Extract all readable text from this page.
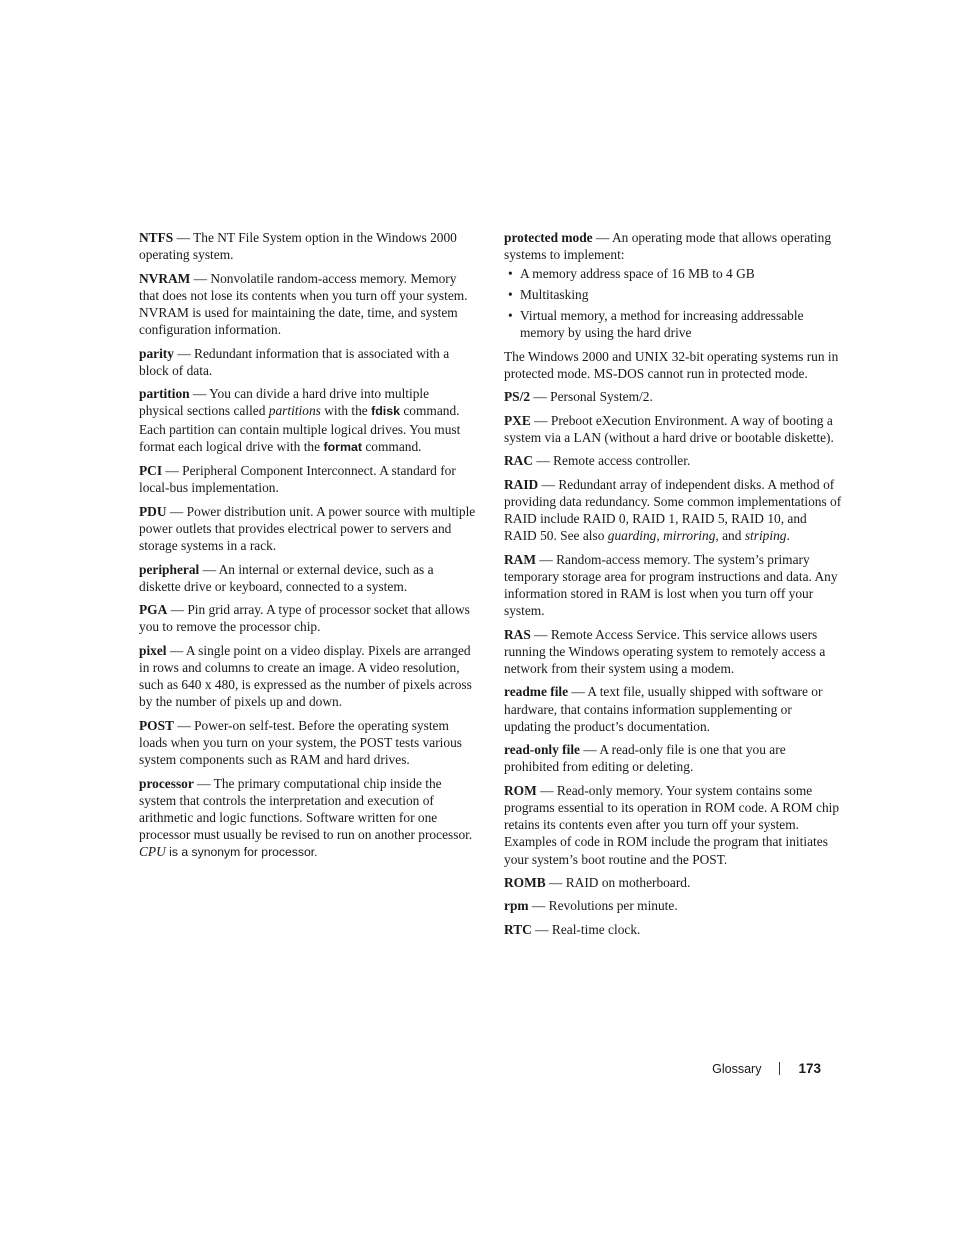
NTFS — The NT File System option in the Windows 2000 operating system.

NVRAM — Nonvolatile random-access memory. Memory that does not lose its contents when you turn off your system. NVRAM is used for maintaining the date, time, and system configuration information.

parity — Redundant information that is associated with a block of data.

partition — You can divide a hard drive into multiple physical sections called partitions with the fdisk command. Each partition can contain multiple logical drives. You must format each logical drive with the format command.

PCI — Peripheral Component Interconnect. A standard for local-bus implementation.

PDU — Power distribution unit. A power source with multiple power outlets that provides electrical power to servers and storage systems in a rack.

peripheral — An internal or external device, such as a diskette drive or keyboard, connected to a system.

PGA — Pin grid array. A type of processor socket that allows you to remove the processor chip.

pixel — A single point on a video display. Pixels are arranged in rows and columns to create an image. A video resolution, such as 640 x 480, is expressed as the number of pixels across by the number of pixels up and down.

POST — Power-on self-test. Before the operating system loads when you turn on your system, the POST tests various system components such as RAM and hard drives.

processor — The primary computational chip inside the system that controls the interpretation and execution of arithmetic and logic functions. Software written for one processor must usually be revised to run on another processor. CPU is a synonym for processor.

protected mode — An operating mode that allows operating systems to implement:

• A memory address space of 16 MB to 4 GB
• Multitasking
• Virtual memory, a method for increasing addressable memory by using the hard drive

The Windows 2000 and UNIX 32-bit operating systems run in protected mode. MS-DOS cannot run in protected mode.

PS/2 — Personal System/2.

PXE — Preboot eXecution Environment. A way of booting a system via a LAN (without a hard drive or bootable diskette).

RAC — Remote access controller.

RAID — Redundant array of independent disks. A method of providing data redundancy. Some common implementations of RAID include RAID 0, RAID 1, RAID 5, RAID 10, and RAID 50. See also guarding, mirroring, and striping.

RAM — Random-access memory. The system’s primary temporary storage area for program instructions and data. Any information stored in RAM is lost when you turn off your system.

RAS — Remote Access Service. This service allows users running the Windows operating system to remotely access a network from their system using a modem.

readme file — A text file, usually shipped with software or hardware, that contains information supplementing or updating the product’s documentation.

read-only file — A read-only file is one that you are prohibited from editing or deleting.

ROM — Read-only memory. Your system contains some programs essential to its operation in ROM code. A ROM chip retains its contents even after you turn off your system. Examples of code in ROM include the program that initiates your system’s boot routine and the POST.

ROMB — RAID on motherboard.

rpm — Revolutions per minute.

RTC — Real-time clock.

Glossary	173
